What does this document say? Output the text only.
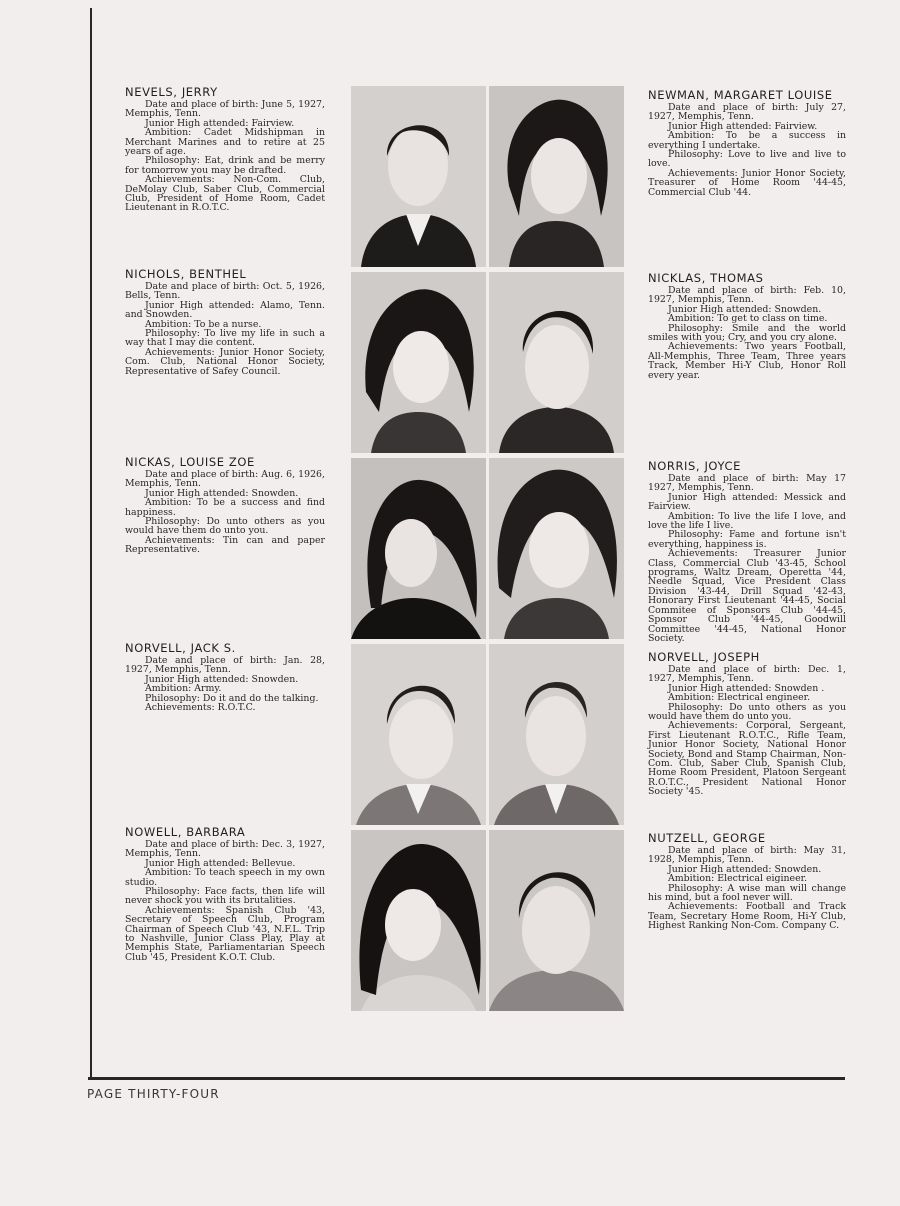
PAGE THIRTY-FOUR
NEVELS, JERRY

Date and place of birth: June 5, 1927, Memphis, Tenn.

Junior High attended: Fairview.

Ambition: Cadet Midshipman in Merchant Marines and to retire at 25 years of age.

Philosophy: Eat, drink and be merry for tomorrow you may be drafted.

Achievements: Non-Com. Club, DeMolay Club, Saber Club, Commercial Club, President of Home Room, Cadet Lieutenant in R.O.T.C.

NICHOLS, BENTHEL

Date and place of birth: Oct. 5, 1926, Bells, Tenn.

Junior High attended: Alamo, Tenn. and Snowden.

Ambition: To be a nurse.

Philosophy: To live my life in such a way that I may die content.

Achievements: Junior Honor Society, Com. Club, National Honor Society, Representative of Safey Council.

NICKAS, LOUISE ZOE

Date and place of birth: Aug. 6, 1926, Memphis, Tenn.

Junior High attended: Snowden.

Ambition: To be a success and find happiness.

Philosophy: Do unto others as you would have them do unto you.

Achievements: Tin can and paper Representative.

NORVELL, JACK S.

Date and place of birth: Jan. 28, 1927, Memphis, Tenn.

Junior High attended: Snowden.

Ambition: Army.

Philosophy: Do it and do the talking.

Achievements: R.O.T.C.

NOWELL, BARBARA

Date and place of birth: Dec. 3, 1927, Memphis, Tenn.

Junior High attended: Bellevue.

Ambition: To teach speech in my own studio.

Philosophy: Face facts, then life will never shock you with its brutalities.

Achievements: Spanish Club '43, Secretary of Speech Club, Program Chairman of Speech Club '43, N.F.L. Trip to Nashville, Junior Class Play, Play at Memphis State, Parliamentarian Speech Club '45, President K.O.T. Club.

NEWMAN, MARGARET LOUISE

Date and place of birth: July 27, 1927, Memphis, Tenn.

Junior High attended: Fairview.

Ambition: To be a success in everything I undertake.

Philosophy: Love to live and live to love.

Achievements: Junior Honor Society, Treasurer of Home Room '44-45, Commercial Club '44.

NICKLAS, THOMAS

Date and place of birth: Feb. 10, 1927, Memphis, Tenn.

Junior High attended: Snowden.

Ambition: To get to class on time.

Philosophy: Smile and the world smiles with you; Cry, and you cry alone.

Achievements: Two years Football, All-Memphis, Three Team, Three years Track, Member Hi-Y Club, Honor Roll every year.

NORRIS, JOYCE

Date and place of birth: May 17 1927, Memphis, Tenn.

Junior High attended: Messick and Fairview.

Ambition: To live the life I love, and love the life I live.

Philosophy: Fame and fortune isn't everything, happiness is.

Achievements: Treasurer Junior Class, Commercial Club '43-45, School programs, Waltz Dream, Operetta '44, Needle Squad, Vice President Class Division '43-44, Drill Squad '42-43, Honorary First Lieutenant '44-45, Social Commitee of Sponsors Club '44-45, Sponsor Club '44-45, Goodwill Committee '44-45, National Honor Society.

NORVELL, JOSEPH

Date and place of birth: Dec. 1, 1927, Memphis, Tenn.

Junior High attended: Snowden .

Ambition: Electrical engineer.

Philosophy: Do unto others as you would have them do unto you.

Achievements: Corporal, Sergeant, First Lieutenant R.O.T.C., Rifle Team, Junior Honor Society, National Honor Society, Bond and Stamp Chairman, Non-Com. Club, Saber Club, Spanish Club, Home Room President, Platoon Sergeant R.O.T.C., President National Honor Society '45.

NUTZELL, GEORGE

Date and place of birth: May 31, 1928, Memphis, Tenn.

Junior High attended: Snowden.

Ambition: Electrical eigineer.

Philosophy: A wise man will change his mind, but a fool never will.

Achievements: Football and Track Team, Secretary Home Room, Hi-Y Club, Highest Ranking Non-Com. Company C.
